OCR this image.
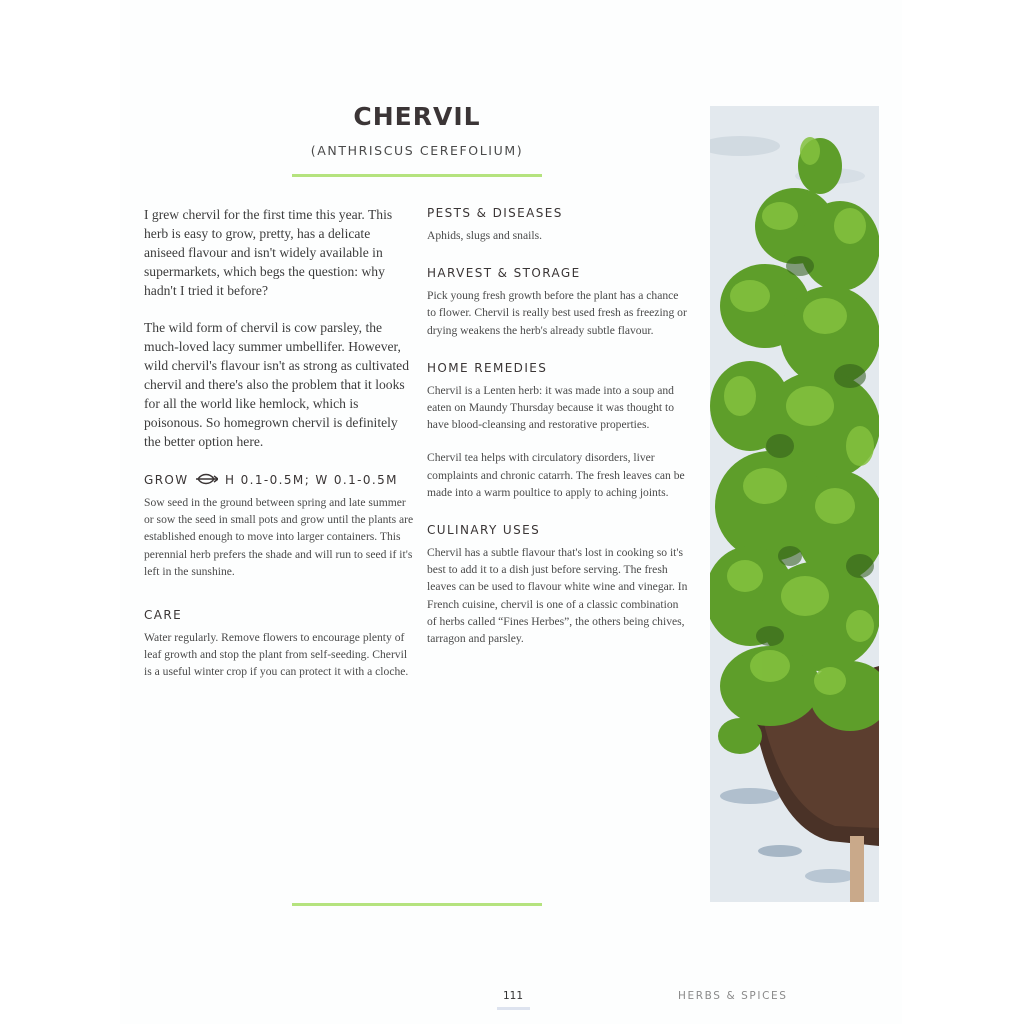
CHERVIL
(ANTHRISCUS CEREFOLIUM)

I grew chervil for the first time this year. This herb is easy to grow, pretty, has a delicate aniseed flavour and isn't widely available in supermarkets, which begs the question: why hadn't I tried it before?

The wild form of chervil is cow parsley, the much-loved lacy summer umbellifer. However, wild chervil's flavour isn't as strong as cultivated chervil and there's also the problem that it looks for all the world like hemlock, which is poisonous. So homegrown chervil is definitely the better option here.

GROW	H 0.1-0.5M; W 0.1-0.5M

Sow seed in the ground between spring and late summer or sow the seed in small pots and grow until the plants are established enough to move into larger containers. This perennial herb prefers the shade and will run to seed if it's left in the sunshine.

CARE

Water regularly. Remove flowers to encourage plenty of leaf growth and stop the plant from self-seeding. Chervil is a useful winter crop if you can protect it with a cloche.

PESTS & DISEASES

Aphids, slugs and snails.

HARVEST & STORAGE

Pick young fresh growth before the plant has a chance to flower. Chervil is really best used fresh as freezing or drying weakens the herb's already subtle flavour.

HOME REMEDIES

Chervil is a Lenten herb: it was made into a soup and eaten on Maundy Thursday because it was thought to have blood-cleansing and restorative properties.

Chervil tea helps with circulatory disorders, liver complaints and chronic catarrh. The fresh leaves can be made into a warm poultice to apply to aching joints.

CULINARY USES

Chervil has a subtle flavour that's lost in cooking so it's best to add it to a dish just before serving. The fresh leaves can be used to flavour white wine and vinegar. In French cuisine, chervil is one of a classic combination of herbs called “Fines Herbes”, the others being chives, tarragon and parsley.

111	HERBS & SPICES
